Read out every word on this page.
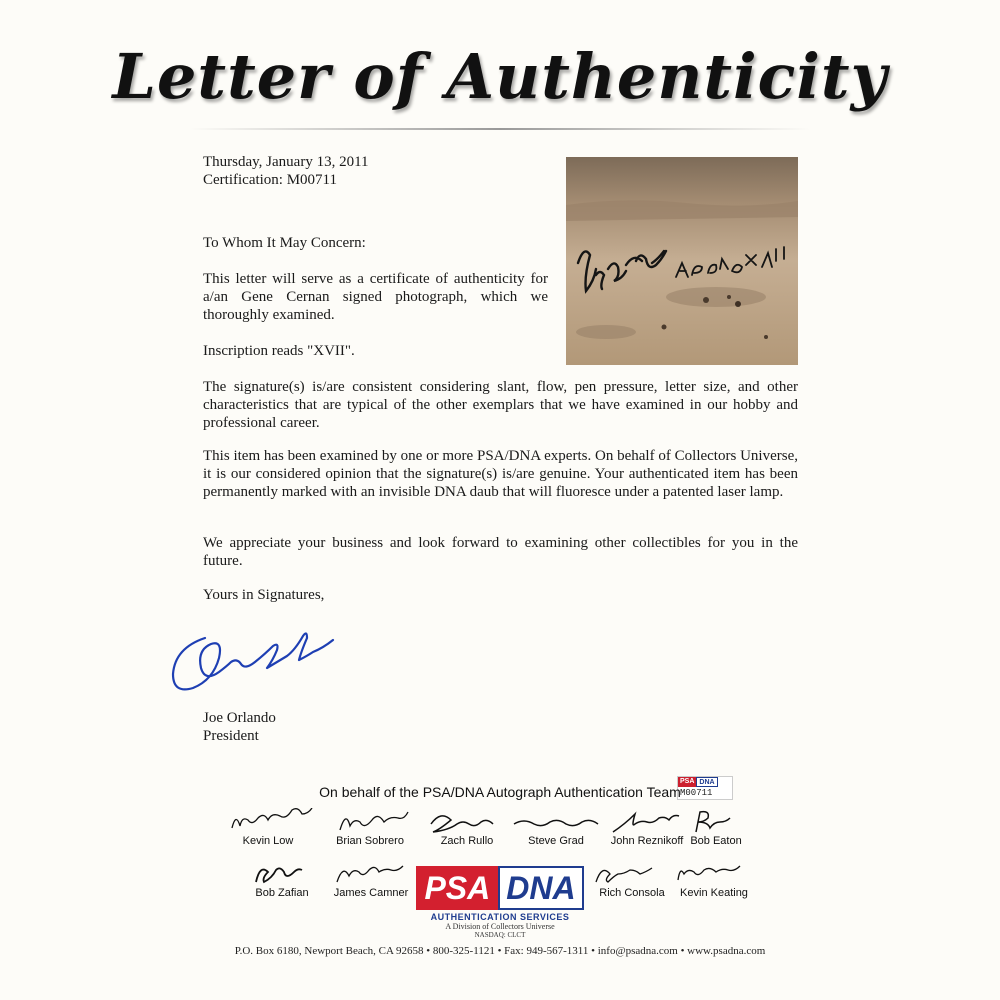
Letter of Authenticity
Thursday, January 13, 2011
Certification: M00711
To Whom It May Concern:
This letter will serve as a certificate of authenticity for a/an Gene Cernan signed photograph, which we thoroughly examined.
Inscription reads "XVII".
The signature(s) is/are consistent considering slant, flow, pen pressure, letter size, and other characteristics that are typical of the other exemplars that we have examined in our hobby and professional career.
This item has been examined by one or more PSA/DNA experts. On behalf of Collectors Universe, it is our considered opinion that the signature(s) is/are genuine. Your authenticated item has been permanently marked with an invisible DNA daub that will fluoresce under a patented laser lamp.
We appreciate your business and look forward to examining other collectibles for you in the future.
Yours in Signatures,
Joe Orlando
President
PSA DNA
M00711
On behalf of the PSA/DNA Autograph Authentication Team
Kevin Low	Brian Sobrero	Zach Rullo	Steve Grad	John Reznikoff Bob Eaton
Bob Zafian	James Camner	Rich Consola	Kevin Keating
PSA DNA
AUTHENTICATION SERVICES
A Division of Collectors Universe
NASDAQ: CLCT
P.O. Box 6180, Newport Beach, CA 92658 • 800-325-1121 • Fax: 949-567-1311 • info@psadna.com • www.psadna.com
